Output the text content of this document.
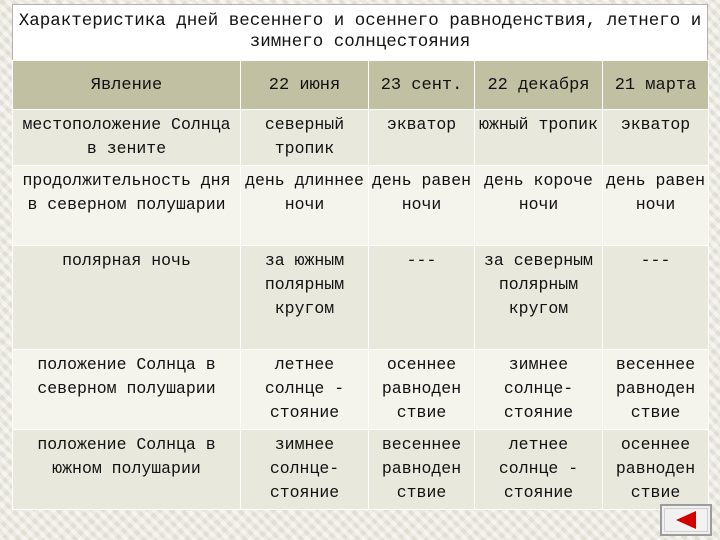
Характеристика дней весеннего и осеннего равноденствия, летнего и зимнего солнцестояния
Явление	22 июня	23 сент.	22 декабря	21 марта
местоположение Солнца в зените	северный тропик	экватор	южный тропик	экватор
продолжительность дня в северном полушарии	день длиннее ночи	день равен ночи	день короче ночи	день равен ночи
полярная ночь	за южным полярным кругом	---	за северным полярным кругом	---
положение Солнца в северном полушарии	летнее солнце - стояние	осеннее равноден ствие	зимнее солнце- стояние	весеннее равноден ствие
положение Солнца в южном полушарии	зимнее солнце- стояние	весеннее равноден ствие	летнее солнце - стояние	осеннее равноден ствие
